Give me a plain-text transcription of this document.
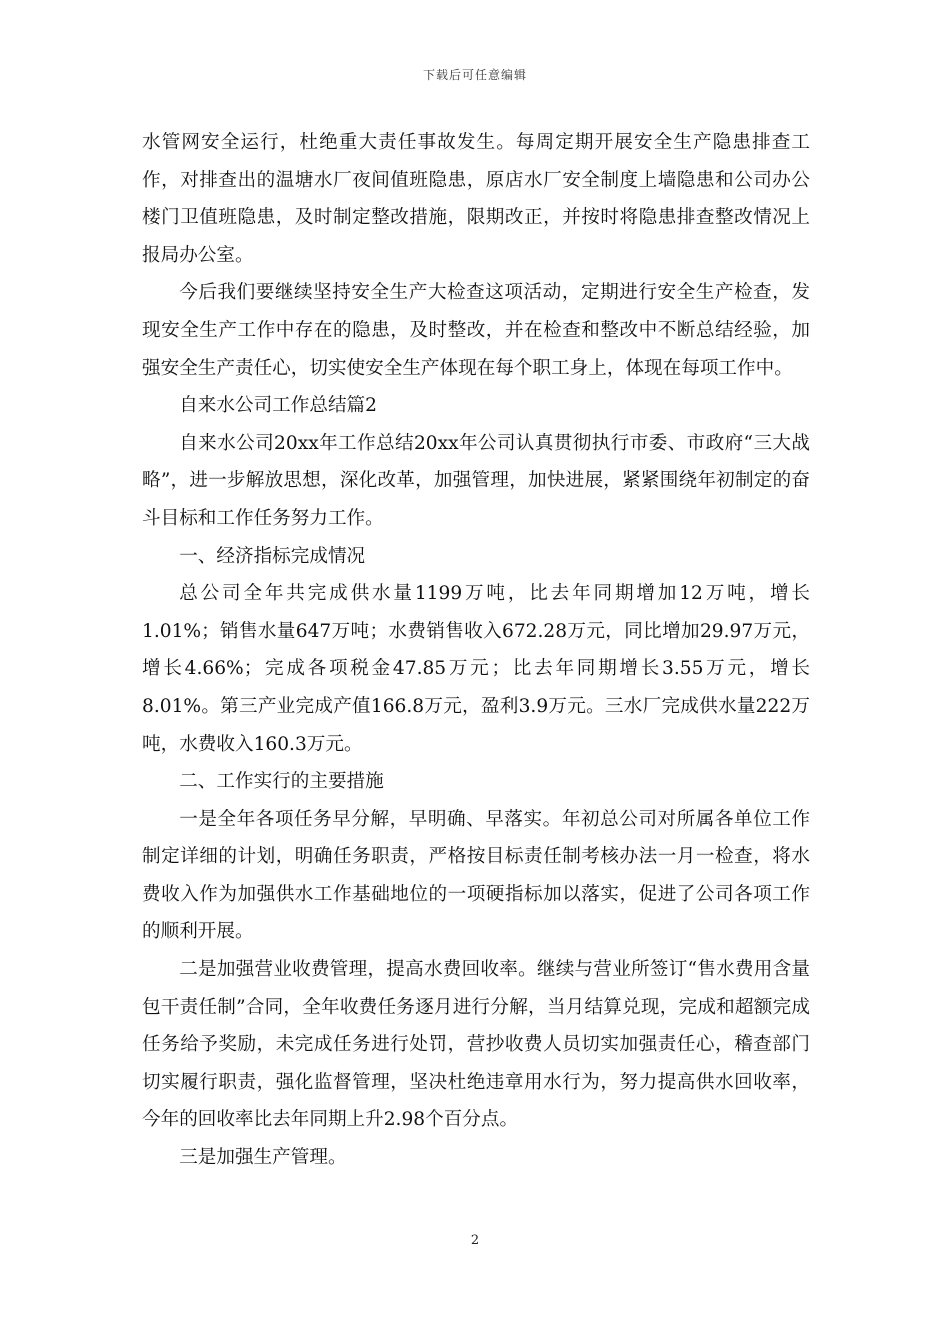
下载后可任意编辑

水管网安全运行，杜绝重大责任事故发生。每周定期开展安全生产隐患排查工作，对排查出的温塘水厂夜间值班隐患，原店水厂安全制度上墙隐患和公司办公楼门卫值班隐患，及时制定整改措施，限期改正，并按时将隐患排查整改情况上报局办公室。

今后我们要继续坚持安全生产大检查这项活动，定期进行安全生产检查，发现安全生产工作中存在的隐患，及时整改，并在检查和整改中不断总结经验，加强安全生产责任心，切实使安全生产体现在每个职工身上，体现在每项工作中。

自来水公司工作总结篇2

自来水公司20xx年工作总结20xx年公司认真贯彻执行市委、市政府“三大战略”，进一步解放思想，深化改革，加强管理，加快进展，紧紧围绕年初制定的奋斗目标和工作任务努力工作。

一、经济指标完成情况

总公司全年共完成供水量1199万吨，比去年同期增加12万吨，增长1.01%；销售水量647万吨；水费销售收入672.28万元，同比增加29.97万元，增长4.66%；完成各项税金47.85万元；比去年同期增长3.55万元，增长8.01%。第三产业完成产值166.8万元，盈利3.9万元。三水厂完成供水量222万吨，水费收入160.3万元。

二、工作实行的主要措施

一是全年各项任务早分解，早明确、早落实。年初总公司对所属各单位工作制定详细的计划，明确任务职责，严格按目标责任制考核办法一月一检查，将水费收入作为加强供水工作基础地位的一项硬指标加以落实，促进了公司各项工作的顺利开展。

二是加强营业收费管理，提高水费回收率。继续与营业所签订“售水费用含量包干责任制”合同，全年收费任务逐月进行分解，当月结算兑现，完成和超额完成任务给予奖励，未完成任务进行处罚，营抄收费人员切实加强责任心，稽查部门切实履行职责，强化监督管理，坚决杜绝违章用水行为，努力提高供水回收率，今年的回收率比去年同期上升2.98个百分点。

三是加强生产管理。

2
